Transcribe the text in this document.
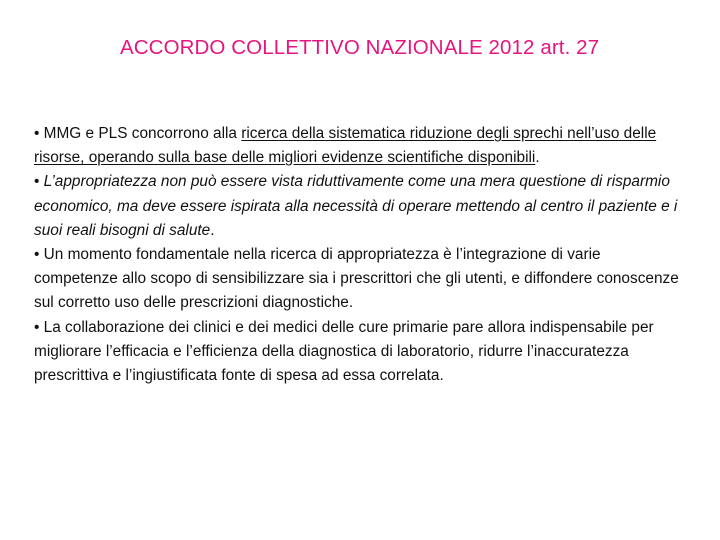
ACCORDO COLLETTIVO NAZIONALE 2012 art. 27

• MMG e PLS concorrono alla ricerca della sistematica riduzione degli sprechi nell’uso delle risorse, operando sulla base delle migliori evidenze scientifiche disponibili.

• L’appropriatezza non può essere vista riduttivamente come una mera questione di risparmio economico, ma deve essere ispirata alla necessità di operare mettendo al centro il paziente e i suoi reali bisogni di salute.

• Un momento fondamentale nella ricerca di appropriatezza è l’integrazione di varie competenze allo scopo di sensibilizzare sia i prescrittori che gli utenti, e diffondere conoscenze sul corretto uso delle prescrizioni diagnostiche.

• La collaborazione dei clinici e dei medici delle cure primarie pare allora indispensabile per migliorare l’efficacia e l’efficienza della diagnostica di laboratorio, ridurre l’inaccuratezza prescrittiva e l’ingiustificata fonte di spesa ad essa correlata.
